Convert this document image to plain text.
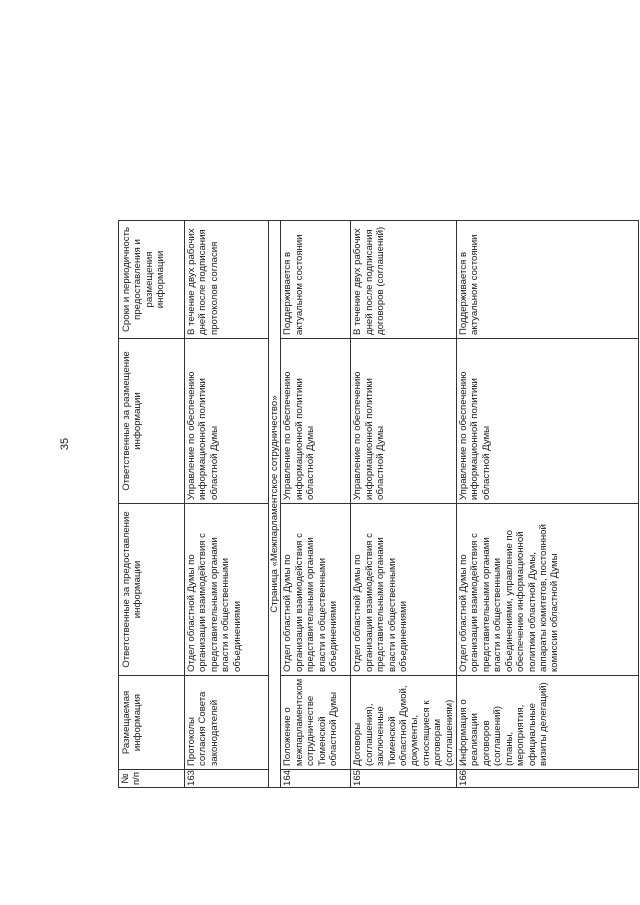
35
№ п/п	Размещаемая информация	Ответственные за предоставление информации	Ответственные за размещение информации	Сроки и периодичность предоставления и размещения информации	
163	Протоколы согласия Совета законодателей	Отдел областной Думы по организации взаимодействия с представительными органами власти и общественными объединениями	Управление по обеспечению информационной политики областной Думы	В течение двух рабочих дней после подписания протоколов согласия	
Страница «Межпарламентское сотрудничество»					
164	Положение о межпарламентском сотрудничестве Тюменской областной Думы	Отдел областной Думы по организации взаимодействия с представительными органами власти и общественными объединениями	Управление по обеспечению информационной политики областной Думы	Поддерживается в актуальном состоянии	
165	Договоры (соглашения), заключенные Тюменской областной Думой, документы, относящиеся к договорам (соглашениям)	Отдел областной Думы по организации взаимодействия с представительными органами власти и общественными объединениями	Управление по обеспечению информационной политики областной Думы	В течение двух рабочих дней после подписания договоров (соглашений)	
166	Информация о реализации договоров (соглашений) (планы, мероприятия, официальные визиты делегаций)	Отдел областной Думы по организации взаимодействия с представительными органами власти и общественными объединениями, управление по обеспечению информационной политики областной Думы, аппараты комитетов, постоянной комиссии областной Думы	Управление по обеспечению информационной политики областной Думы	Поддерживается в актуальном состоянии	
